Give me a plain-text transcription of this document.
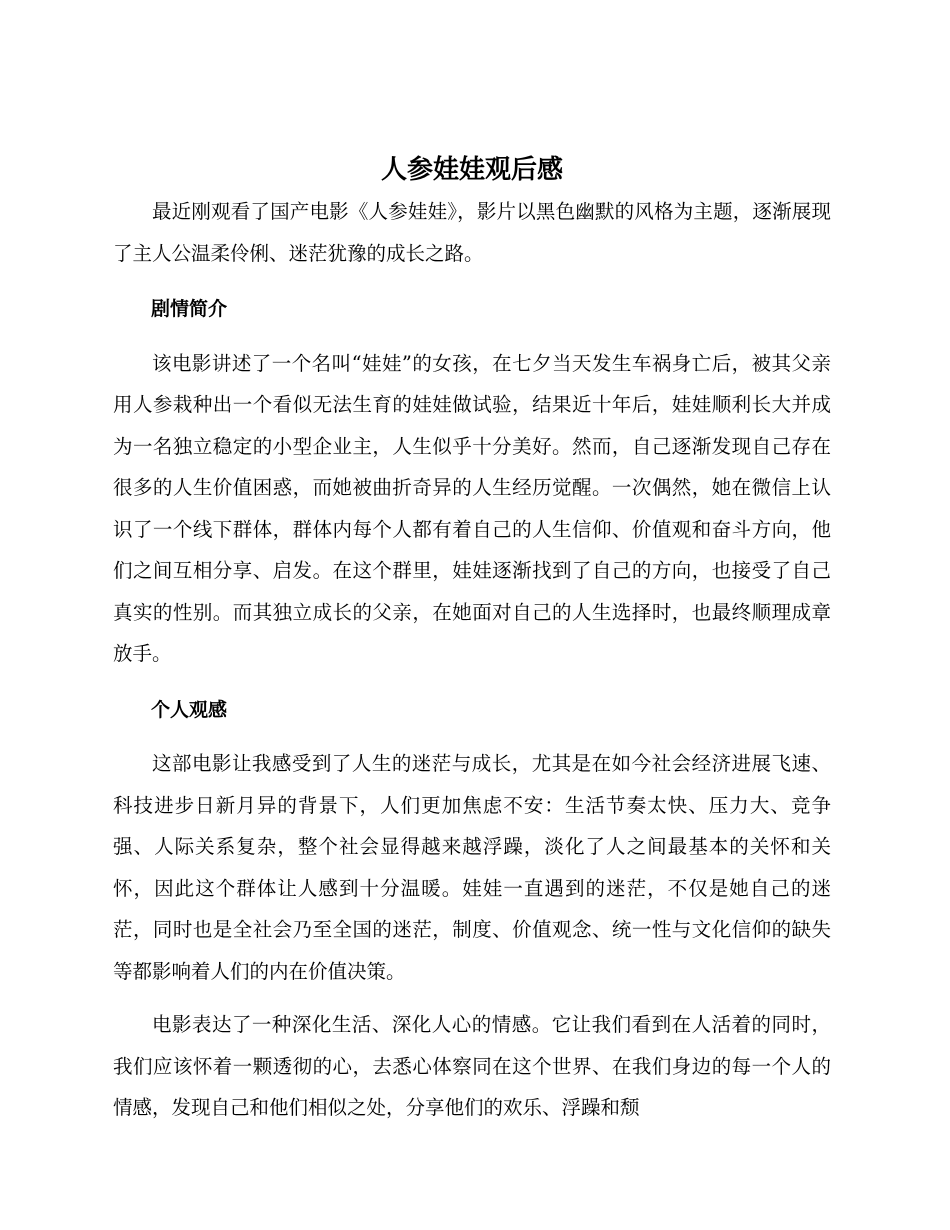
人参娃娃观后感

最近刚观看了国产电影《人参娃娃》，影片以黑色幽默的风格为主题，逐渐展现了主人公温柔伶俐、迷茫犹豫的成长之路。

剧情简介

该电影讲述了一个名叫“娃娃”的女孩，在七夕当天发生车祸身亡后，被其父亲用人参栽种出一个看似无法生育的娃娃做试验，结果近十年后，娃娃顺利长大并成为一名独立稳定的小型企业主，人生似乎十分美好。然而，自己逐渐发现自己存在很多的人生价值困惑，而她被曲折奇异的人生经历觉醒。一次偶然，她在微信上认识了一个线下群体，群体内每个人都有着自己的人生信仰、价值观和奋斗方向，他们之间互相分享、启发。在这个群里，娃娃逐渐找到了自己的方向，也接受了自己真实的性别。而其独立成长的父亲，在她面对自己的人生选择时，也最终顺理成章放手。

个人观感

这部电影让我感受到了人生的迷茫与成长，尤其是在如今社会经济进展飞速、科技进步日新月异的背景下，人们更加焦虑不安：生活节奏太快、压力大、竞争强、人际关系复杂，整个社会显得越来越浮躁，淡化了人之间最基本的关怀和关怀，因此这个群体让人感到十分温暖。娃娃一直遇到的迷茫，不仅是她自己的迷茫，同时也是全社会乃至全国的迷茫，制度、价值观念、统一性与文化信仰的缺失等都影响着人们的内在价值决策。

电影表达了一种深化生活、深化人心的情感。它让我们看到在人活着的同时，我们应该怀着一颗透彻的心，去悉心体察同在这个世界、在我们身边的每一个人的情感，发现自己和他们相似之处，分享他们的欢乐、浮躁和颓
